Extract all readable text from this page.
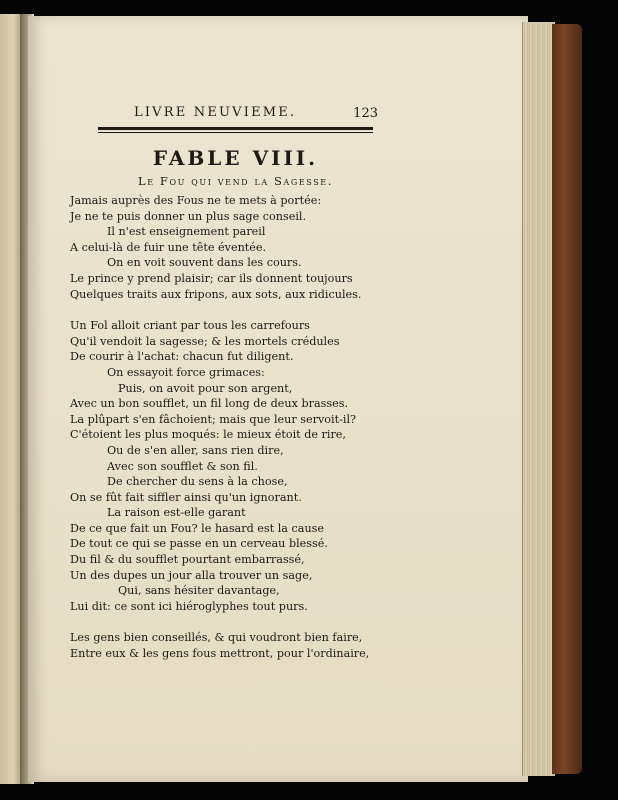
LIVRE NEUVIEME.	123
FABLE VIII.
Le Fou qui vend la Sagesse.
Jamais auprès des Fous ne te mets à portée:
Je ne te puis donner un plus sage conseil.
Il n'est enseignement pareil
A celui-là de fuir une tête éventée.
On en voit souvent dans les cours.
Le prince y prend plaisir; car ils donnent toujours
Quelques traits aux fripons, aux sots, aux ridicules.
Un Fol alloit criant par tous les carrefours
Qu'il vendoit la sagesse; & les mortels crédules
De courir à l'achat: chacun fut diligent.
On essayoit force grimaces:
Puis, on avoit pour son argent,
Avec un bon soufflet, un fil long de deux brasses.
La plûpart s'en fâchoient; mais que leur servoit-il?
C'étoient les plus moqués: le mieux étoit de rire,
Ou de s'en aller, sans rien dire,
Avec son soufflet & son fil.
De chercher du sens à la chose,
On se fût fait siffler ainsi qu'un ignorant.
La raison est-elle garant
De ce que fait un Fou? le hasard est la cause
De tout ce qui se passe en un cerveau blessé.
Du fil & du soufflet pourtant embarrassé,
Un des dupes un jour alla trouver un sage,
Qui, sans hésiter davantage,
Lui dit: ce sont ici hiéroglyphes tout purs.
Les gens bien conseillés, & qui voudront bien faire,
Entre eux & les gens fous mettront, pour l'ordinaire,
